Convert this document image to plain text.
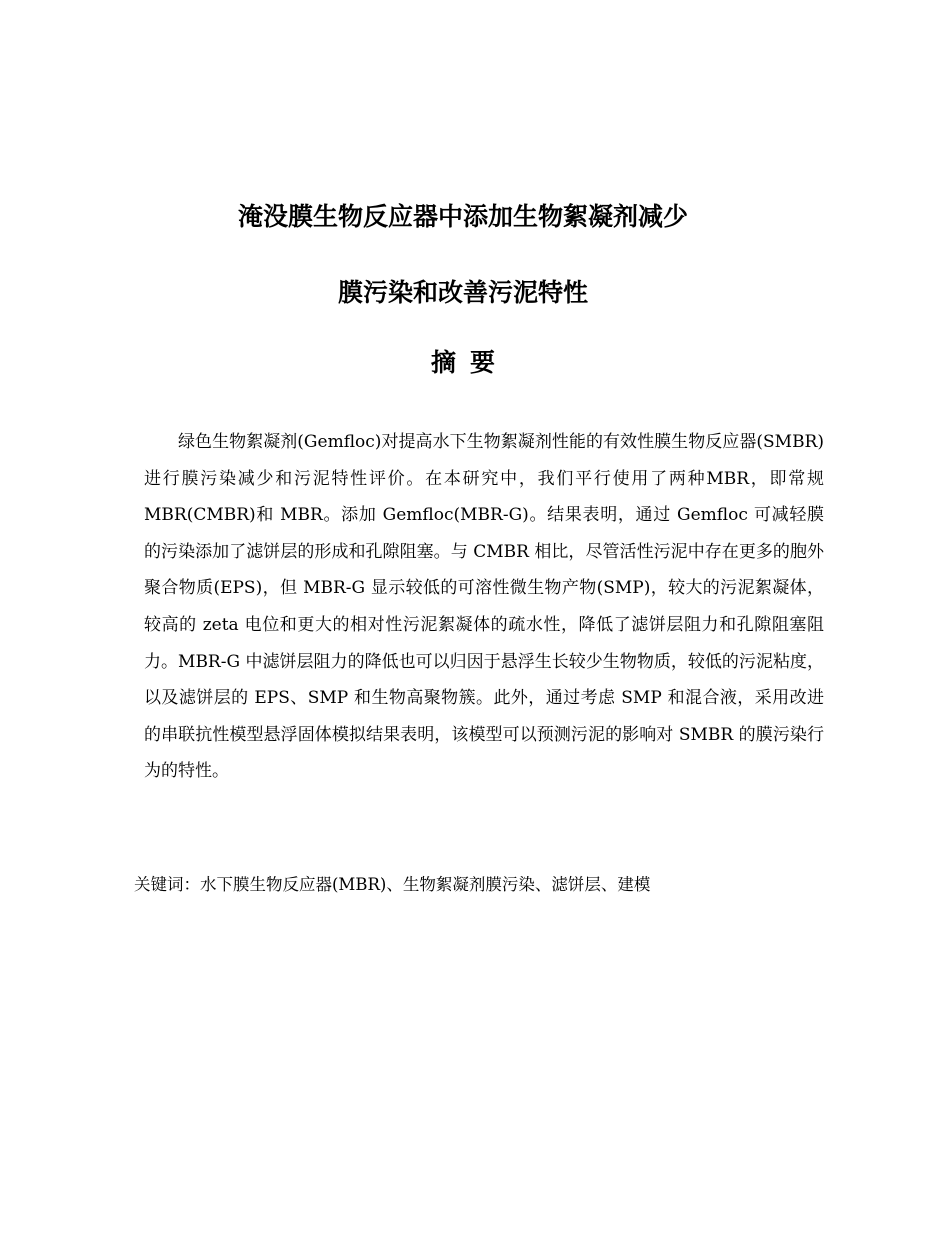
淹没膜生物反应器中添加生物絮凝剂减少
膜污染和改善污泥特性
摘要

绿色生物絮凝剂(Gemfloc)对提高水下生物絮凝剂性能的有效性膜生物反应器(SMBR)进行膜污染减少和污泥特性评价。在本研究中，我们平行使用了两种MBR，即常规 MBR(CMBR)和 MBR。添加 Gemfloc(MBR-G)。结果表明，通过 Gemfloc 可减轻膜的污染添加了滤饼层的形成和孔隙阻塞。与 CMBR 相比，尽管活性污泥中存在更多的胞外聚合物质(EPS)，但 MBR-G 显示较低的可溶性微生物产物(SMP)，较大的污泥絮凝体，较高的 zeta 电位和更大的相对性污泥絮凝体的疏水性，降低了滤饼层阻力和孔隙阻塞阻力。MBR-G 中滤饼层阻力的降低也可以归因于悬浮生长较少生物物质，较低的污泥粘度，以及滤饼层的 EPS、SMP 和生物高聚物簇。此外，通过考虑 SMP 和混合液，采用改进的串联抗性模型悬浮固体模拟结果表明，该模型可以预测污泥的影响对 SMBR 的膜污染行为的特性。

关键词：水下膜生物反应器(MBR)、生物絮凝剂膜污染、滤饼层、建模
